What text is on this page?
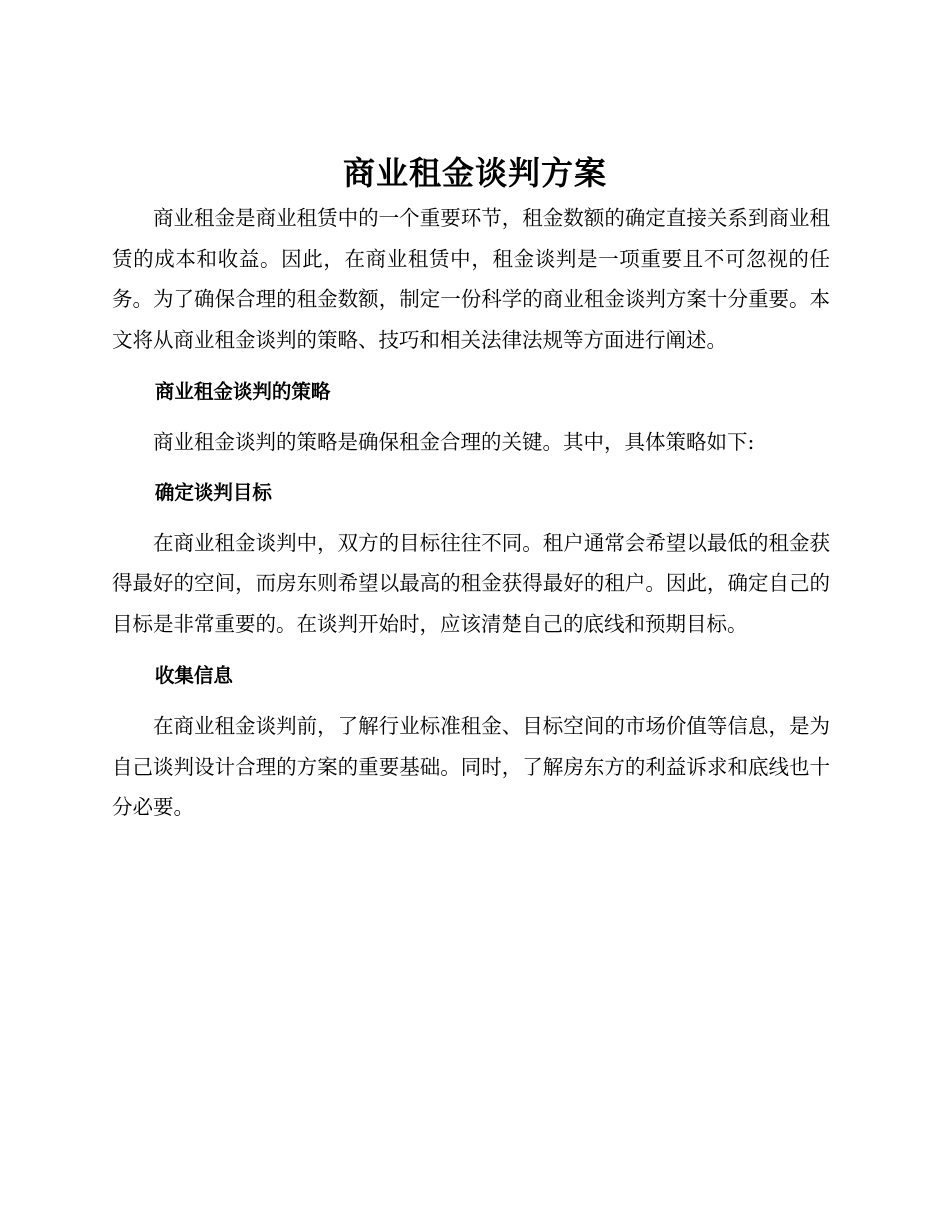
商业租金谈判方案

商业租金是商业租赁中的一个重要环节，租金数额的确定直接关系到商业租赁的成本和收益。因此，在商业租赁中，租金谈判是一项重要且不可忽视的任务。为了确保合理的租金数额，制定一份科学的商业租金谈判方案十分重要。本文将从商业租金谈判的策略、技巧和相关法律法规等方面进行阐述。

商业租金谈判的策略

商业租金谈判的策略是确保租金合理的关键。其中，具体策略如下:

确定谈判目标

在商业租金谈判中，双方的目标往往不同。租户通常会希望以最低的租金获得最好的空间，而房东则希望以最高的租金获得最好的租户。因此，确定自己的目标是非常重要的。在谈判开始时，应该清楚自己的底线和预期目标。

收集信息

在商业租金谈判前，了解行业标准租金、目标空间的市场价值等信息，是为自己谈判设计合理的方案的重要基础。同时，了解房东方的利益诉求和底线也十分必要。
